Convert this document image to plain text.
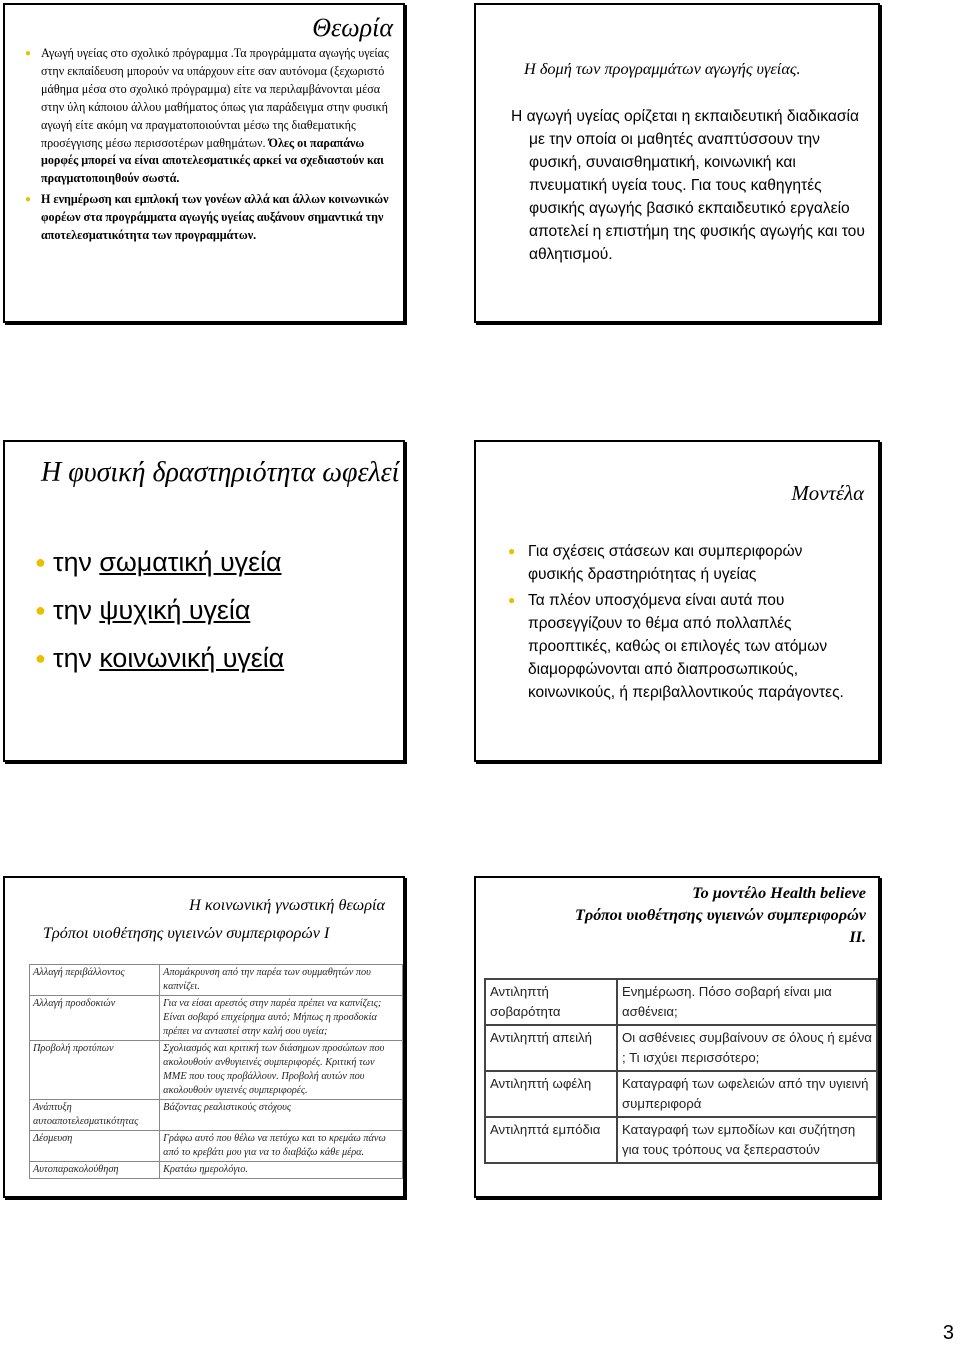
Θεωρία
● Αγωγή υγείας στο σχολικό πρόγραμμα .Τα προγράμματα αγωγής υγείας στην εκπαίδευση μπορούν να υπάρχουν είτε σαν αυτόνομα (ξεχωριστό μάθημα μέσα στο σχολικό πρόγραμμα) είτε να περιλαμβάνονται μέσα στην ύλη κάποιου άλλου μαθήματος όπως για παράδειγμα στην φυσική αγωγή είτε ακόμη να πραγματοποιούνται μέσω της διαθεματικής προσέγγισης μέσω περισσοτέρων μαθημάτων. Όλες οι παραπάνω μορφές μπορεί να είναι αποτελεσματικές αρκεί να σχεδιαστούν και πραγματοποιηθούν σωστά.
● Η ενημέρωση και εμπλοκή των γονέων αλλά και άλλων κοινωνικών φορέων στα προγράμματα αγωγής υγείας αυξάνουν σημαντικά την αποτελεσματικότητα των προγραμμάτων.
Η δομή των προγραμμάτων αγωγής υγείας.
Η αγωγή υγείας ορίζεται η εκπαιδευτική διαδικασία με την οποία οι μαθητές αναπτύσσουν την φυσική, συναισθηματική, κοινωνική και πνευματική υγεία τους. Για τους καθηγητές φυσικής αγωγής βασικό εκπαιδευτικό εργαλείο αποτελεί η επιστήμη της φυσικής αγωγής και του αθλητισμού.
Η φυσική δραστηριότητα ωφελεί
● την σωματική υγεία
● την ψυχική υγεία
● την κοινωνική υγεία
Μοντέλα
● Για σχέσεις στάσεων και συμπεριφορών φυσικής δραστηριότητας ή υγείας
● Τα πλέον υποσχόμενα είναι αυτά που προσεγγίζουν το θέμα από πολλαπλές προοπτικές, καθώς οι επιλογές των ατόμων διαμορφώνονται από διαπροσωπικούς, κοινωνικούς, ή περιβαλλοντικούς παράγοντες.
Η κοινωνική γνωστική θεωρία
Τρόποι υιοθέτησης υγιεινών συμπεριφορών Ι
Αλλαγή περιβάλλοντος	Απομάκρυνση από την παρέα των συμμαθητών που καπνίζει.
Αλλαγή προσδοκιών	Για να είσαι αρεστός στην παρέα πρέπει να καπνίζεις; Είναι σοβαρό επιχείρημα αυτό; Μήπως η προσδοκία πρέπει να ανταστεί στην καλή σου υγεία;
Προβολή προτύπων	Σχολιασμός και κριτική των διάσημων προσώπων που ακολουθούν ανθυγιεινές συμπεριφορές. Κριτική των ΜΜΕ που τους προβάλλουν. Προβολή αυτών που ακολουθούν υγιεινές συμπεριφορές.
Ανάπτυξη αυτοαποτελεσματικότητας	Βάζοντας ρεαλιστικούς στόχους
Δέσμευση	Γράφω αυτό που θέλω να πετύχω και το κρεμάω πάνω από το κρεβάτι μου για να το διαβάζω κάθε μέρα.
Αυτοπαρακολούθηση	Κρατάω ημερολόγιο.
Το μοντέλο Health believe
Τρόποι υιοθέτησης υγιεινών συμπεριφορών
ΙΙ.
Αντιληπτή σοβαρότητα	Ενημέρωση. Πόσο σοβαρή είναι μια ασθένεια;
Αντιληπτή απειλή	Οι ασθένειες συμβαίνουν σε όλους ή εμένα ; Τι ισχύει περισσότερο;
Αντιληπτή ωφέλη	Καταγραφή των ωφελειών από την υγιεινή συμπεριφορά
Αντιληπτά εμπόδια	Καταγραφή των εμποδίων και συζήτηση για τους τρόπους να ξεπεραστούν
3
